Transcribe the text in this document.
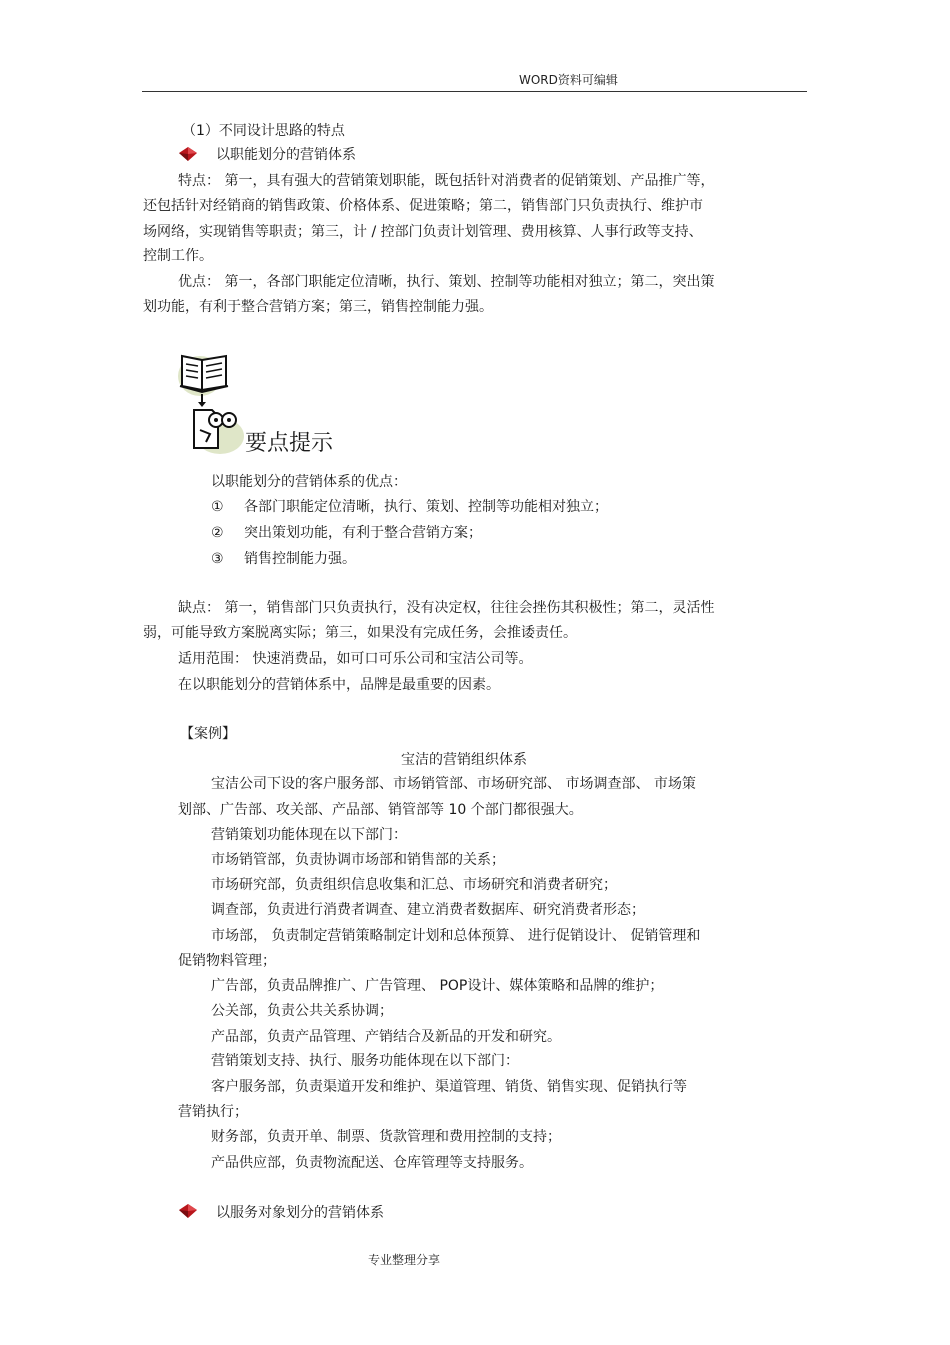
WORD资料可编辑
（1）不同设计思路的特点
以职能划分的营销体系
特点： 第一，具有强大的营销策划职能，既包括针对消费者的促销策划、产品推广等，
还包括针对经销商的销售政策、价格体系、促进策略；第二，销售部门只负责执行、维护市
场网络，实现销售等职责；第三，计 / 控部门负责计划管理、费用核算、人事行政等支持、
控制工作。
优点： 第一，各部门职能定位清晰，执行、策划、控制等功能相对独立；第二，突出策
划功能，有利于整合营销方案；第三，销售控制能力强。
要点提示
以职能划分的营销体系的优点：
① 各部门职能定位清晰，执行、策划、控制等功能相对独立；
② 突出策划功能，有利于整合营销方案；
③ 销售控制能力强。
缺点： 第一，销售部门只负责执行，没有决定权，往往会挫伤其积极性；第二，灵活性
弱，可能导致方案脱离实际；第三，如果没有完成任务，会推诿责任。
适用范围： 快速消费品，如可口可乐公司和宝洁公司等。
在以职能划分的营销体系中，品牌是最重要的因素。
【案例】
宝洁的营销组织体系
宝洁公司下设的客户服务部、市场销管部、市场研究部、 市场调查部、 市场策
划部、广告部、攻关部、产品部、销管部等 10 个部门都很强大。
营销策划功能体现在以下部门：
市场销管部，负责协调市场部和销售部的关系；
市场研究部，负责组织信息收集和汇总、市场研究和消费者研究；
调查部，负责进行消费者调查、建立消费者数据库、研究消费者形态；
市场部， 负责制定营销策略制定计划和总体预算、 进行促销设计、 促销管理和
促销物料管理；
广告部，负责品牌推广、广告管理、 POP设计、媒体策略和品牌的维护；
公关部，负责公共关系协调；
产品部，负责产品管理、产销结合及新品的开发和研究。
营销策划支持、执行、服务功能体现在以下部门：
客户服务部，负责渠道开发和维护、渠道管理、销货、销售实现、促销执行等
营销执行；
财务部，负责开单、制票、货款管理和费用控制的支持；
产品供应部，负责物流配送、仓库管理等支持服务。
以服务对象划分的营销体系
专业整理分享
